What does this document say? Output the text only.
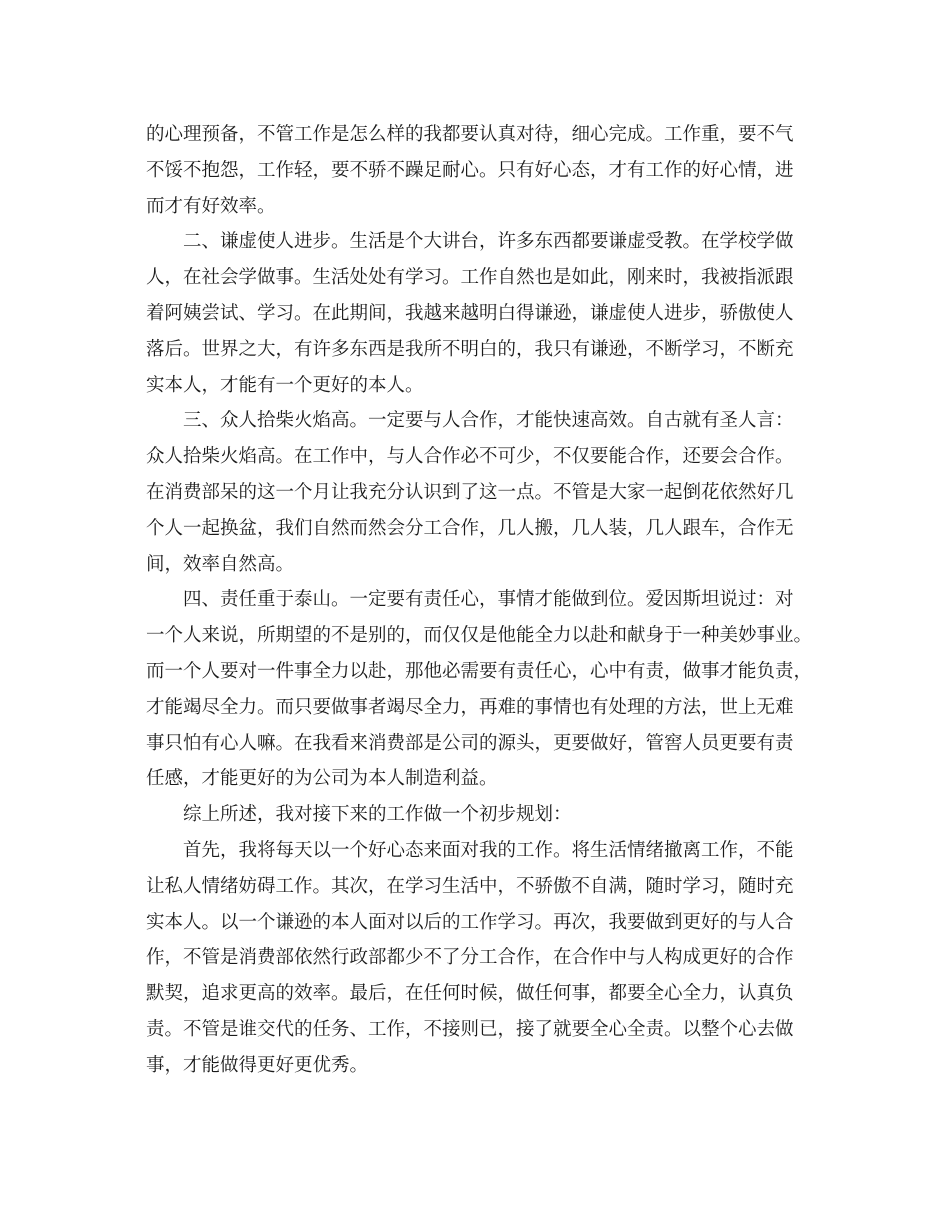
的心理预备，不管工作是怎么样的我都要认真对待，细心完成。工作重，要不气
不馁不抱怨，工作轻，要不骄不躁足耐心。只有好心态，才有工作的好心情，进
而才有好效率。
二、谦虚使人进步。生活是个大讲台，许多东西都要谦虚受教。在学校学做
人，在社会学做事。生活处处有学习。工作自然也是如此，刚来时，我被指派跟
着阿姨尝试、学习。在此期间，我越来越明白得谦逊，谦虚使人进步，骄傲使人
落后。世界之大，有许多东西是我所不明白的，我只有谦逊，不断学习，不断充
实本人，才能有一个更好的本人。
三、众人拾柴火焰高。一定要与人合作，才能快速高效。自古就有圣人言：
众人拾柴火焰高。在工作中，与人合作必不可少，不仅要能合作，还要会合作。
在消费部呆的这一个月让我充分认识到了这一点。不管是大家一起倒花依然好几
个人一起换盆，我们自然而然会分工合作，几人搬，几人装，几人跟车，合作无
间，效率自然高。
四、责任重于泰山。一定要有责任心，事情才能做到位。爱因斯坦说过：对
一个人来说，所期望的不是别的，而仅仅是他能全力以赴和献身于一种美妙事业。
而一个人要对一件事全力以赴，那他必需要有责任心，心中有责，做事才能负责，
才能竭尽全力。而只要做事者竭尽全力，再难的事情也有处理的方法，世上无难
事只怕有心人嘛。在我看来消费部是公司的源头，更要做好，管窖人员更要有责
任感，才能更好的为公司为本人制造利益。
综上所述，我对接下来的工作做一个初步规划：
首先，我将每天以一个好心态来面对我的工作。将生活情绪撤离工作，不能
让私人情绪妨碍工作。其次，在学习生活中，不骄傲不自满，随时学习，随时充
实本人。以一个谦逊的本人面对以后的工作学习。再次，我要做到更好的与人合
作，不管是消费部依然行政部都少不了分工合作，在合作中与人构成更好的合作
默契，追求更高的效率。最后，在任何时候，做任何事，都要全心全力，认真负
责。不管是谁交代的任务、工作，不接则已，接了就要全心全责。以整个心去做
事，才能做得更好更优秀。
